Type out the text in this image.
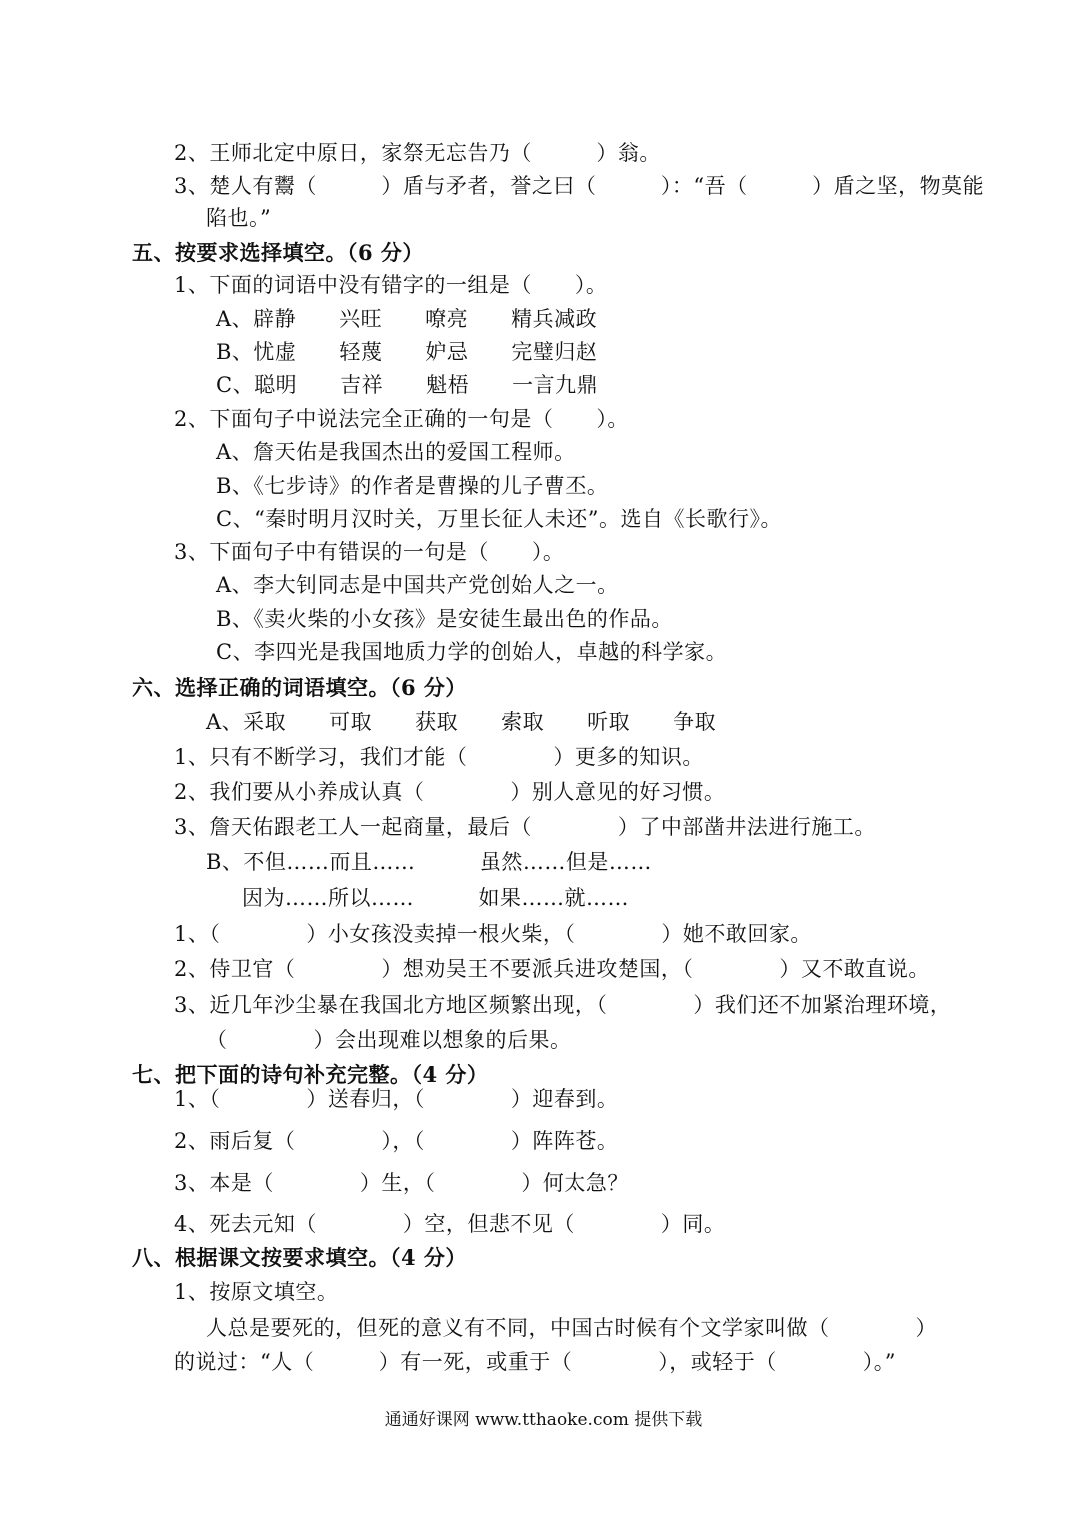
2、王师北定中原日，家祭无忘告乃（　　　）翁。
3、楚人有鬻（　　　）盾与矛者，誉之曰（　　　）：“吾（　　　）盾之坚，物莫能
陷也。”
五、按要求选择填空。（6 分）
1、下面的词语中没有错字的一组是（　　）。
A、辟静　　兴旺　　嘹亮　　精兵减政
B、忧虚　　轻蔑　　妒忌　　完璧归赵
C、聪明　　吉祥　　魁梧　　一言九鼎
2、下面句子中说法完全正确的一句是（　　）。
A、詹天佑是我国杰出的爱国工程师。
B、《七步诗》的作者是曹操的儿子曹丕。
C、“秦时明月汉时关，万里长征人未还”。选自《长歌行》。
3、下面句子中有错误的一句是（　　）。
A、李大钊同志是中国共产党创始人之一。
B、《卖火柴的小女孩》是安徒生最出色的作品。
C、李四光是我国地质力学的创始人，卓越的科学家。
六、选择正确的词语填空。（6 分）
A、采取　　可取　　获取　　索取　　听取　　争取
1、只有不断学习，我们才能（　　　　）更多的知识。
2、我们要从小养成认真（　　　　）别人意见的好习惯。
3、詹天佑跟老工人一起商量，最后（　　　　）了中部凿井法进行施工。
B、不但……而且……　　　虽然……但是……
因为……所以……　　　如果……就……
1、（　　　　）小女孩没卖掉一根火柴，（　　　　）她不敢回家。
2、侍卫官（　　　　）想劝吴王不要派兵进攻楚国，（　　　　）又不敢直说。
3、近几年沙尘暴在我国北方地区频繁出现，（　　　　）我们还不加紧治理环境，
（　　　　）会出现难以想象的后果。
七、把下面的诗句补充完整。（4 分）
1、（　　　　）送春归，（　　　　）迎春到。
2、雨后复（　　　　），（　　　　）阵阵苍。
3、本是（　　　　）生，（　　　　）何太急？
4、死去元知（　　　　）空，但悲不见（　　　　）同。
八、根据课文按要求填空。（4 分）
1、按原文填空。
人总是要死的，但死的意义有不同，中国古时候有个文学家叫做（　　　　）
的说过：“人（　　　）有一死，或重于（　　　　），或轻于（　　　　）。”
通通好课网 www.tthaoke.com 提供下载
